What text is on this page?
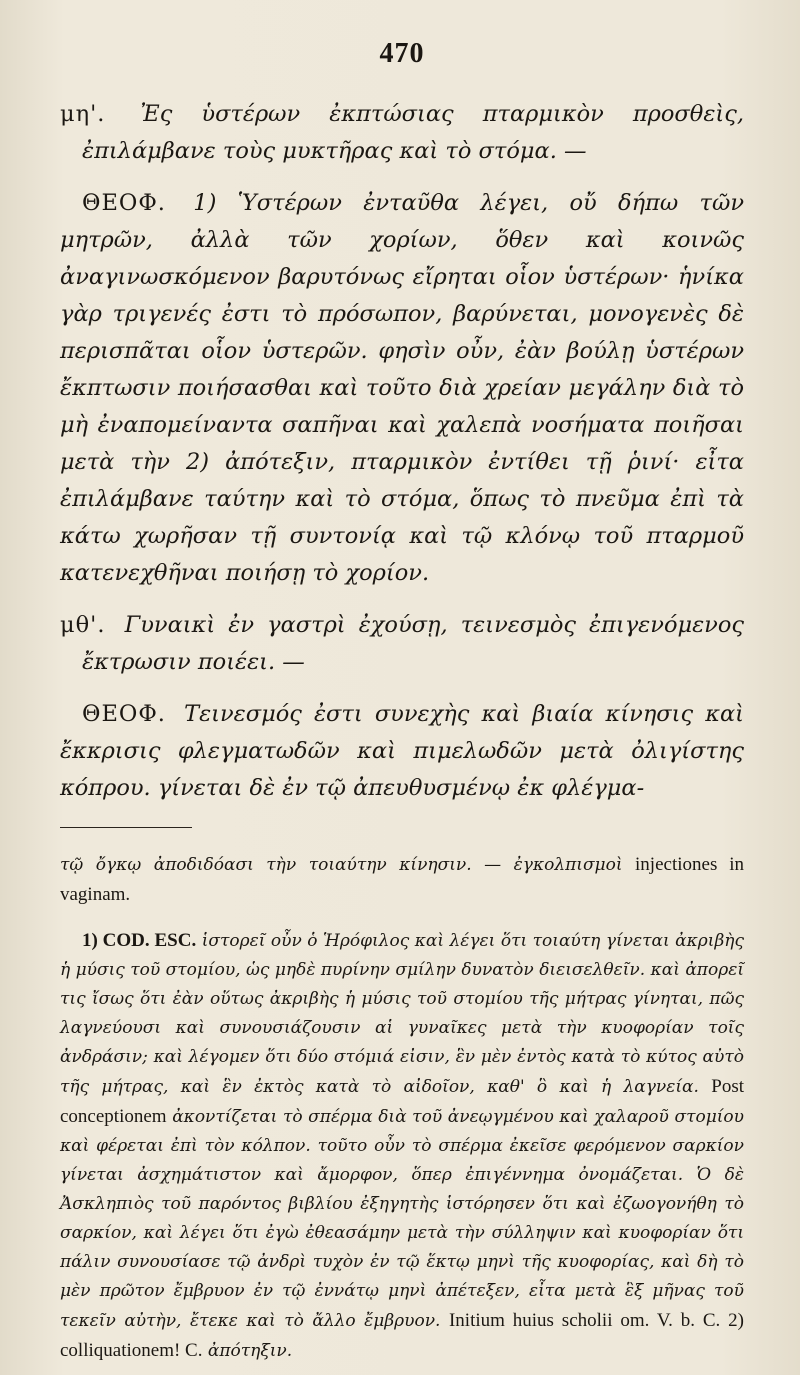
470

μη'. Ἐς ὑστέρων ἐκπτώσιας πταρμικὸν προσθεὶς, ἐπιλάμβανε τοὺς μυκτῆρας καὶ τὸ στόμα. —

ΘΕΟΦ. 1) Ὑστέρων ἐνταῦθα λέγει, οὔ δήπω τῶν μητρῶν, ἀλλὰ τῶν χορίων, ὅθεν καὶ κοινῶς ἀναγινωσκόμενον βαρυτόνως εἴρηται οἷον ὑστέρων· ἡνίκα γὰρ τριγενές ἐστι τὸ πρόσωπον, βαρύνεται, μονογενὲς δὲ περισπᾶται οἷον ὑστερῶν. φησὶν οὖν, ἐὰν βούλῃ ὑστέρων ἔκπτωσιν ποιήσασθαι καὶ τοῦτο διὰ χρείαν μεγάλην διὰ τὸ μὴ ἐναπομείναντα σαπῆναι καὶ χαλεπὰ νοσήματα ποιῆσαι μετὰ τὴν 2) ἀπότεξιν, πταρμικὸν ἐντίθει τῇ ῥινί· εἶτα ἐπιλάμβανε ταύτην καὶ τὸ στόμα, ὅπως τὸ πνεῦμα ἐπὶ τὰ κάτω χωρῆσαν τῇ συντονίᾳ καὶ τῷ κλόνῳ τοῦ πταρμοῦ κατενεχθῆναι ποιήσῃ τὸ χορίον.

μθ'. Γυναικὶ ἐν γαστρὶ ἐχούσῃ, τεινεσμὸς ἐπιγενόμενος ἔκτρωσιν ποιέει. —

ΘΕΟΦ. Τεινεσμός ἐστι συνεχὴς καὶ βιαία κίνησις καὶ ἔκκρισις φλεγματωδῶν καὶ πιμελωδῶν μετὰ ὀλιγίστης κόπρου. γίνεται δὲ ἐν τῷ ἀπευθυσμένῳ ἐκ φλέγμα-

τῷ ὄγκῳ ἀποδιδόασι τὴν τοιαύτην κίνησιν. — ἐγκολπισμοὶ injectiones in vaginam.

1) COD. ESC. ἱστορεῖ οὖν ὁ Ἡρόφιλος καὶ λέγει ὅτι τοιαύτη γίνεται ἀκριβὴς ἡ μύσις τοῦ στομίου, ὡς μηδὲ πυρίνην σμίλην δυνατὸν διεισελθεῖν. καὶ ἀπορεῖ τις ἴσως ὅτι ἐὰν οὕτως ἀκριβὴς ἡ μύσις τοῦ στομίου τῆς μήτρας γίνηται, πῶς λαγνεύουσι καὶ συνουσιάζουσιν αἱ γυναῖκες μετὰ τὴν κυοφορίαν τοῖς ἀνδράσιν; καὶ λέγομεν ὅτι δύο στόμιά εἰσιν, ἓν μὲν ἐντὸς κατὰ τὸ κύτος αὐτὸ τῆς μήτρας, καὶ ἓν ἐκτὸς κατὰ τὸ αἰδοῖον, καθ' ὃ καὶ ἡ λαγνεία. Post conceptionem ἀκοντίζεται τὸ σπέρμα διὰ τοῦ ἀνεῳγμένου καὶ χαλαροῦ στομίου καὶ φέρεται ἐπὶ τὸν κόλπον. τοῦτο οὖν τὸ σπέρμα ἐκεῖσε φερόμενον σαρκίον γίνεται ἀσχημάτιστον καὶ ἄμορφον, ὅπερ ἐπιγέννημα ὀνομάζεται. Ὁ δὲ Ἀσκληπιὸς τοῦ παρόντος βιβλίου ἐξηγητὴς ἱστόρησεν ὅτι καὶ ἐζωογονήθη τὸ σαρκίον, καὶ λέγει ὅτι ἐγὼ ἐθεασάμην μετὰ τὴν σύλληψιν καὶ κυοφορίαν ὅτι πάλιν συνουσίασε τῷ ἀνδρὶ τυχὸν ἐν τῷ ἕκτῳ μηνὶ τῆς κυοφορίας, καὶ δὴ τὸ μὲν πρῶτον ἔμβρυον ἐν τῷ ἐννάτῳ μηνὶ ἀπέτεξεν, εἶτα μετὰ ἓξ μῆνας τοῦ τεκεῖν αὐτὴν, ἔτεκε καὶ τὸ ἄλλο ἔμβρυον. Initium huius scholii om. V. b. C. 2) colliquationem! C. ἀπότηξιν.
